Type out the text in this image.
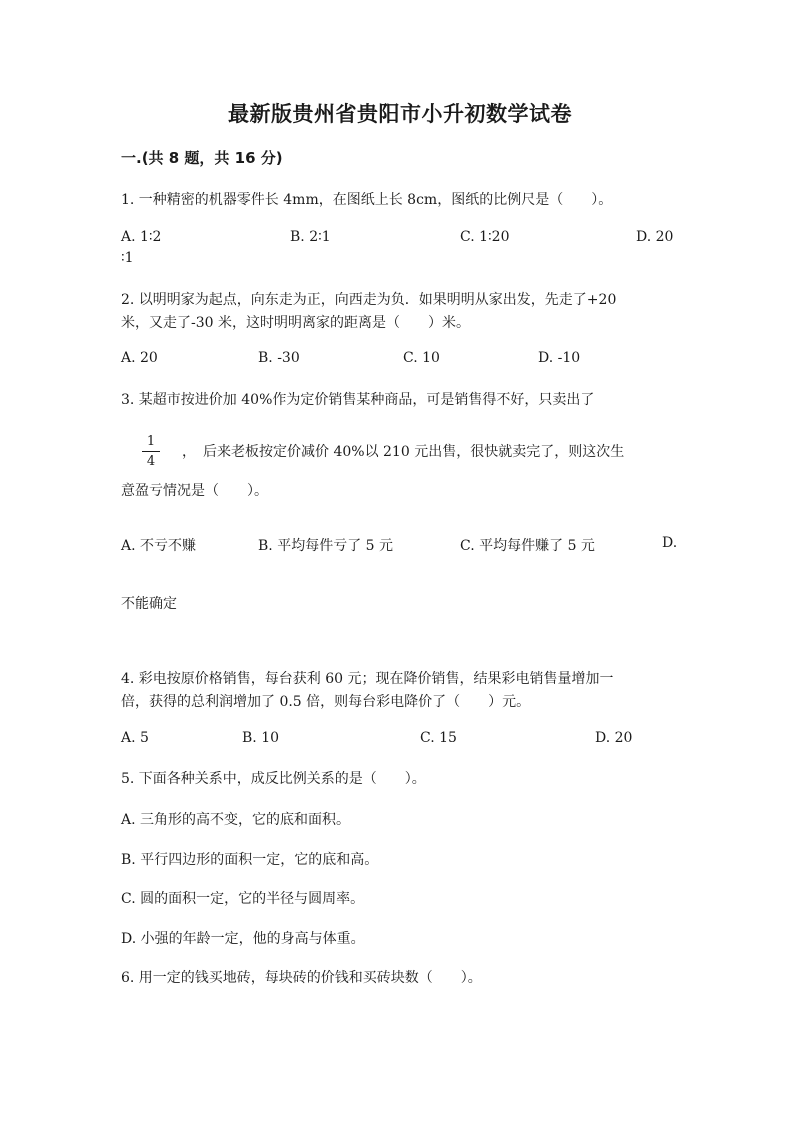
最新版贵州省贵阳市小升初数学试卷
一.(共 8 题，共 16 分)
1. 一种精密的机器零件长 4mm，在图纸上长 8cm，图纸的比例尺是（　　）。
A. 1∶2	B. 2∶1	C. 1∶20	D. 20
∶1
2. 以明明家为起点，向东走为正，向西走为负．如果明明从家出发，先走了+20
米，又走了-30 米，这时明明离家的距离是（　　）米。
A. 20	B. -30	C. 10	D. -10
3. 某超市按进价加 40%作为定价销售某种商品，可是销售得不好，只卖出了
1
4
，　后来老板按定价减价 40%以 210 元出售，很快就卖完了，则这次生
意盈亏情况是（　　）。
A. 不亏不赚	B. 平均每件亏了 5 元	C. 平均每件赚了 5 元	D.
不能确定
4. 彩电按原价格销售，每台获利 60 元；现在降价销售，结果彩电销售量增加一
倍，获得的总利润增加了 0.5 倍，则每台彩电降价了（　　）元。
A. 5	B. 10	C. 15	D. 20
5. 下面各种关系中，成反比例关系的是（　　）。
A. 三角形的高不变，它的底和面积。
B. 平行四边形的面积一定，它的底和高。
C. 圆的面积一定，它的半径与圆周率。
D. 小强的年龄一定，他的身高与体重。
6. 用一定的钱买地砖，每块砖的价钱和买砖块数（　　）。
